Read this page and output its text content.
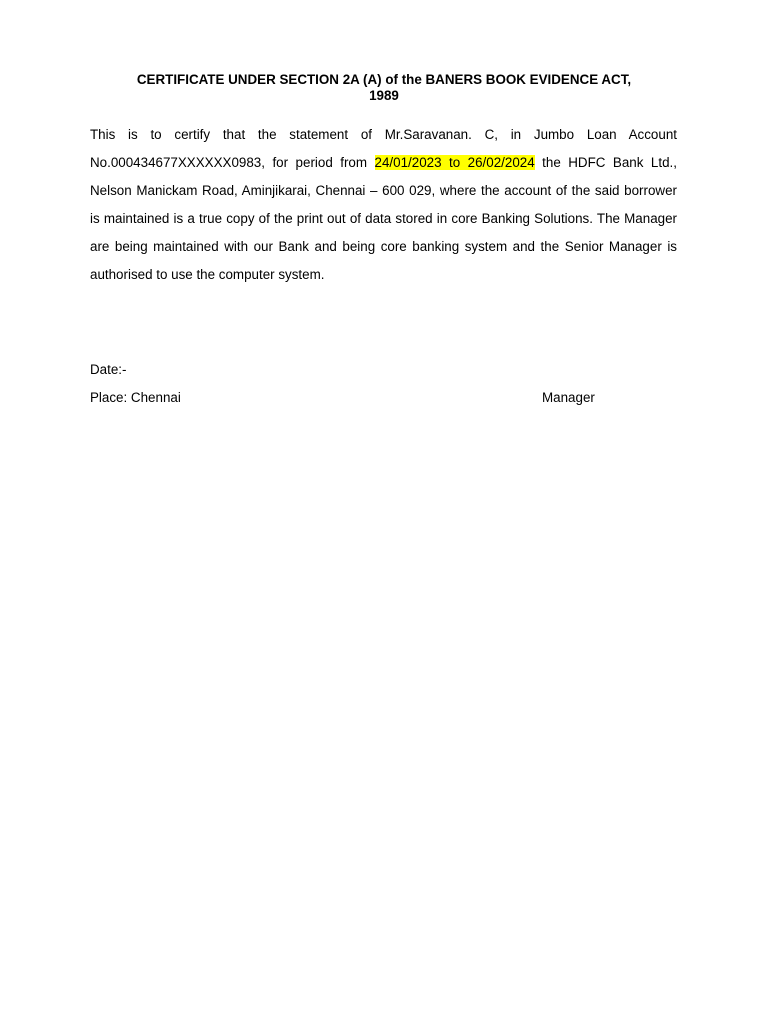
CERTIFICATE UNDER SECTION 2A (A) of the BANERS BOOK EVIDENCE ACT,
1989
This is to certify that the statement of Mr.Saravanan. C, in Jumbo Loan Account No.000434677XXXXXX0983, for period from 24/01/2023 to 26/02/2024 the HDFC Bank Ltd., Nelson Manickam Road, Aminjikarai, Chennai – 600 029, where the account of the said borrower is maintained is a true copy of the print out of data stored in core Banking Solutions. The Manager are being maintained with our Bank and being core banking system and the Senior Manager is authorised to use the computer system.
Date:-
Place: Chennai	Manager
